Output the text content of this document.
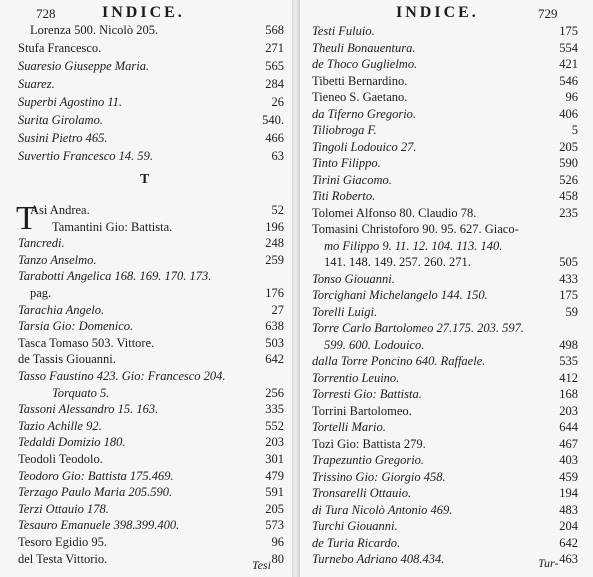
728	INDICE.
Lorenza 500. Nicolò 205.	568
Stufa Francesco.	271
Suaresio Giuseppe Maria.	565
Suarez.	284
Superbi Agostino 11.	26
Surita Girolamo.	540.
Susini Pietro 465.	466
Suvertio Francesco 14. 59.	63
Asi Andrea.	52
Tamantini Gio: Battista.	196
Tancredi.	248
Tanzo Anselmo.	259
Tarabotti Angelica 168. 169. 170. 173.
pag.	176
Tarachia Angelo.	27
Tarsia Gio: Domenico.	638
Tasca Tomaso 503. Vittore.	503
de Tassis Giouanni.	642
Tasso Faustino 423. Gio: Francesco 204.
Torquato 5.	256
Tassoni Alessandro 15. 163.	335
Tazio Achille 92.	552
Tedaldi Domizio 180.	203
Teodoli Teodolo.	301
Teodoro Gio: Battista 175.469.	479
Terzago Paulo Maria 205.590.	591
Terzi Ottauio 178.	205
Tesauro Emanuele 398.399.400.	573
Tesoro Egidio 95.	96
del Testa Vittorio.	80
T
T
Tesi
INDICE.	729
Testi Fuluio.	175
Theuli Bonauentura.	554
de Thoco Guglielmo.	421
Tibetti Bernardino.	546
Tieneo S. Gaetano.	96
da Tiferno Gregorio.	406
Tiliobroga F.	5
Tingoli Lodouico 27.	205
Tinto Filippo.	590
Tirini Giacomo.	526
Titi Roberto.	458
Tolomei Alfonso 80. Claudio 78.	235
Tomasini Christoforo 90. 95. 627. Giaco-
mo Filippo 9. 11. 12. 104. 113. 140.
141. 148. 149. 257. 260. 271.	505
Tonso Giouanni.	433
Torcighani Michelangelo 144. 150.	175
Torelli Luigi.	59
Torre Carlo Bartolomeo 27.175. 203. 597.
599. 600. Lodouico.	498
dalla Torre Poncino 640. Raffaele.	535
Torrentio Leuino.	412
Torresti Gio: Battista.	168
Torrini Bartolomeo.	203
Tortelli Mario.	644
Tozi Gio: Battista 279.	467
Trapezuntio Gregorio.	403
Trissino Gio: Giorgio 458.	459
Tronsarelli Ottauio.	194
di Tura Nicolò Antonio 469.	483
Turchi Giouanni.	204
de Turia Ricardo.	642
Turnebo Adriano 408.434.	463
Tur-
